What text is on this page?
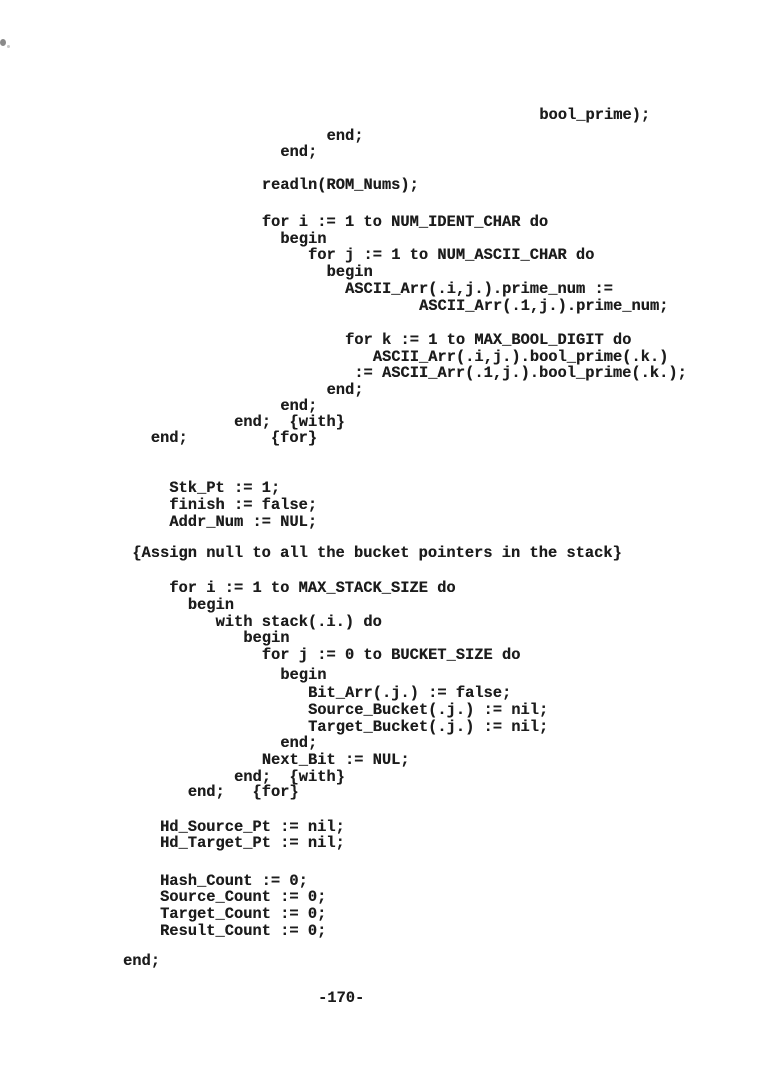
bool_prime);
end;
end;
readln(ROM_Nums);
for i := 1 to NUM_IDENT_CHAR do
begin
for j := 1 to NUM_ASCII_CHAR do
begin
ASCII_Arr(.i,j.).prime_num :=
ASCII_Arr(.1,j.).prime_num;
for k := 1 to MAX_BOOL_DIGIT do
ASCII_Arr(.i,j.).bool_prime(.k.)
:= ASCII_Arr(.1,j.).bool_prime(.k.);
end;
end;
end;  {with}
end;         {for}
Stk_Pt := 1;
finish := false;
Addr_Num := NUL;
{Assign null to all the bucket pointers in the stack}
for i := 1 to MAX_STACK_SIZE do
begin
with stack(.i.) do
begin
for j := 0 to BUCKET_SIZE do
begin
Bit_Arr(.j.) := false;
Source_Bucket(.j.) := nil;
Target_Bucket(.j.) := nil;
end;
Next_Bit := NUL;
end;  {with}
end;   {for}
Hd_Source_Pt := nil;
Hd_Target_Pt := nil;
Hash_Count := 0;
Source_Count := 0;
Target_Count := 0;
Result_Count := 0;
end;
-170-
